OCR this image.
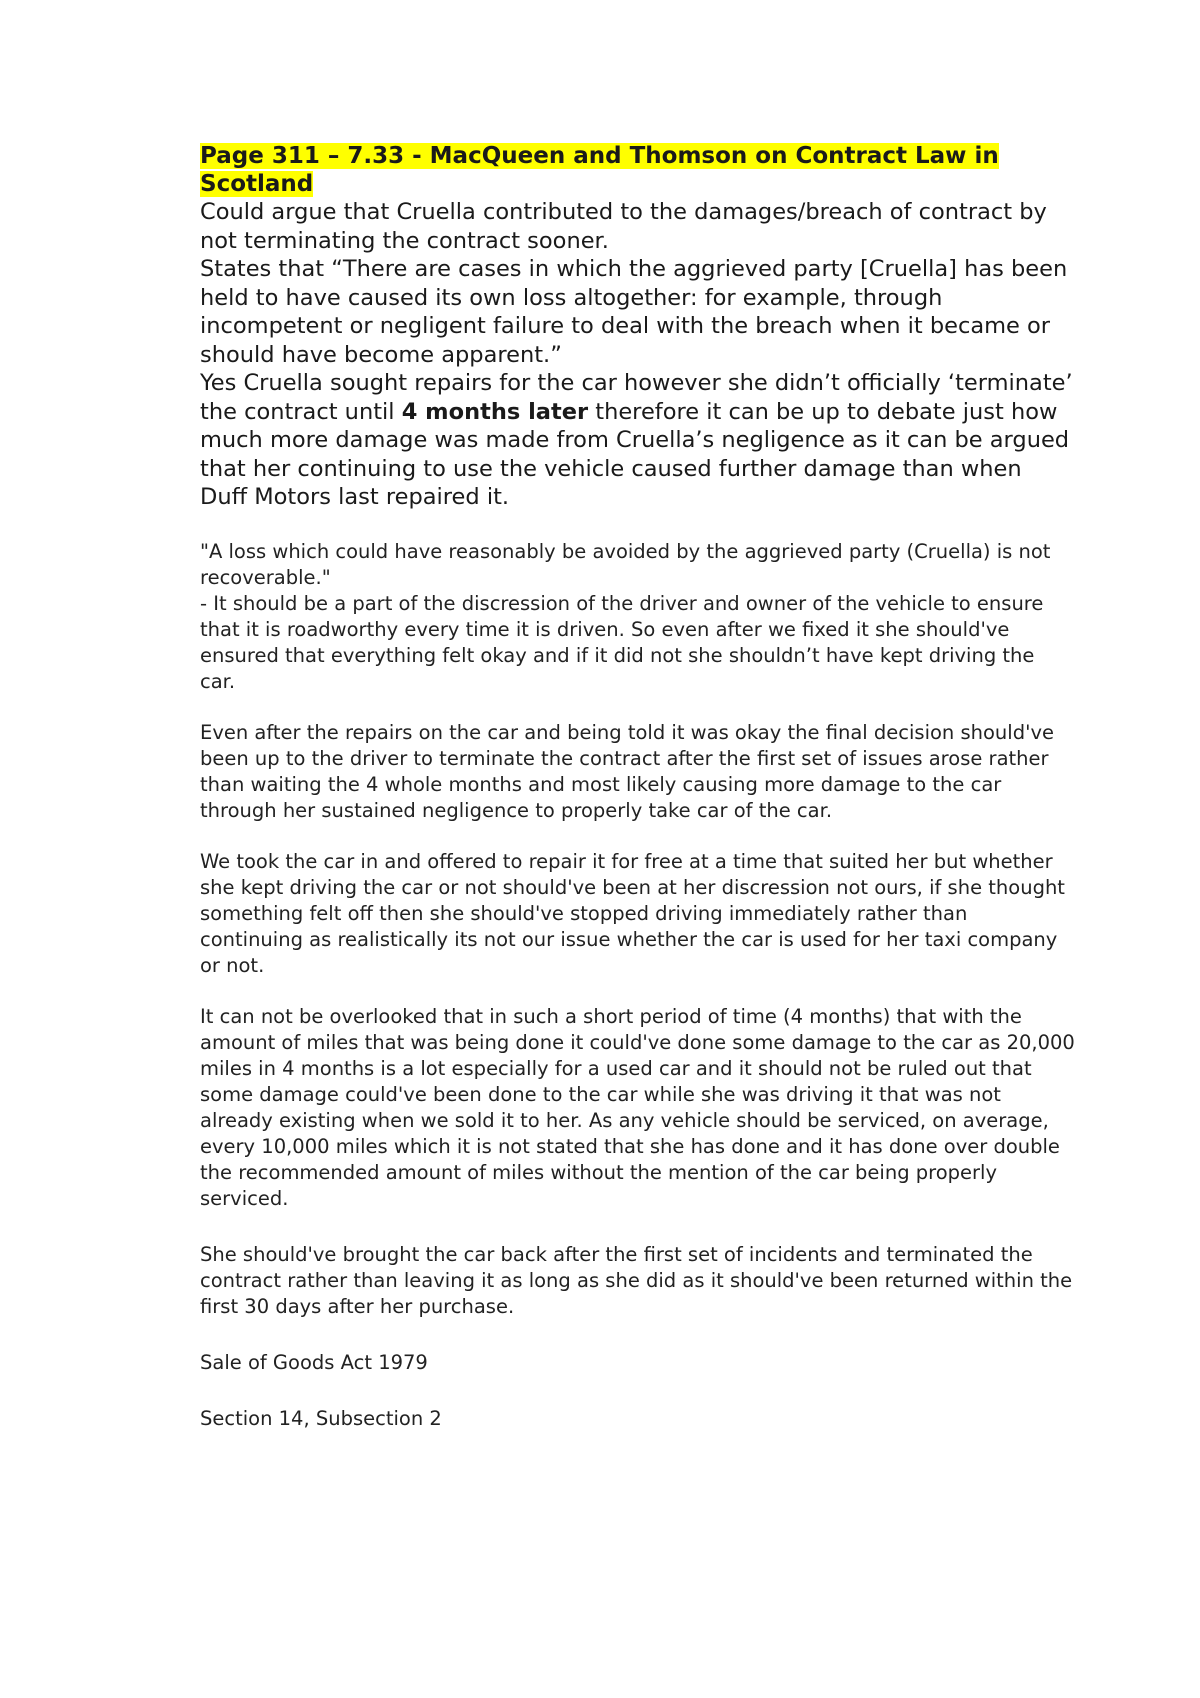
Page 311 – 7.33 - MacQueen and Thomson on Contract Law in Scotland

Could argue that Cruella contributed to the damages/breach of contract by not terminating the contract sooner.

States that “There are cases in which the aggrieved party [Cruella] has been held to have caused its own loss altogether: for example, through incompetent or negligent failure to deal with the breach when it became or should have become apparent.”

Yes Cruella sought repairs for the car however she didn’t officially ‘terminate’ the contract until 4 months later therefore it can be up to debate just how much more damage was made from Cruella’s negligence as it can be argued that her continuing to use the vehicle caused further damage than when Duff Motors last repaired it.

"A loss which could have reasonably be avoided by the aggrieved party (Cruella) is not recoverable."

- It should be a part of the discression of the driver and owner of the vehicle to ensure that it is roadworthy every time it is driven. So even after we fixed it she should've ensured that everything felt okay and if it did not she shouldn’t have kept driving the car.

Even after the repairs on the car and being told it was okay the final decision should've been up to the driver to terminate the contract after the first set of issues arose rather than waiting the 4 whole months and most likely causing more damage to the car through her sustained negligence to properly take car of the car.

We took the car in and offered to repair it for free at a time that suited her but whether she kept driving the car or not should've been at her discression not ours, if she thought something felt off then she should've stopped driving immediately rather than continuing as realistically its not our issue whether the car is used for her taxi company or not.

It can not be overlooked that in such a short period of time (4 months) that with the amount of miles that was being done it could've done some damage to the car as 20,000 miles in 4 months is a lot especially for a used car and it should not be ruled out that some damage could've been done to the car while she was driving it that was not already existing when we sold it to her. As any vehicle should be serviced, on average, every 10,000 miles which it is not stated that she has done and it has done over double the recommended amount of miles without the mention of the car being properly serviced.

She should've brought the car back after the first set of incidents and terminated the contract rather than leaving it as long as she did as it should've been returned within the first 30 days after her purchase.

Sale of Goods Act 1979

Section 14, Subsection 2
